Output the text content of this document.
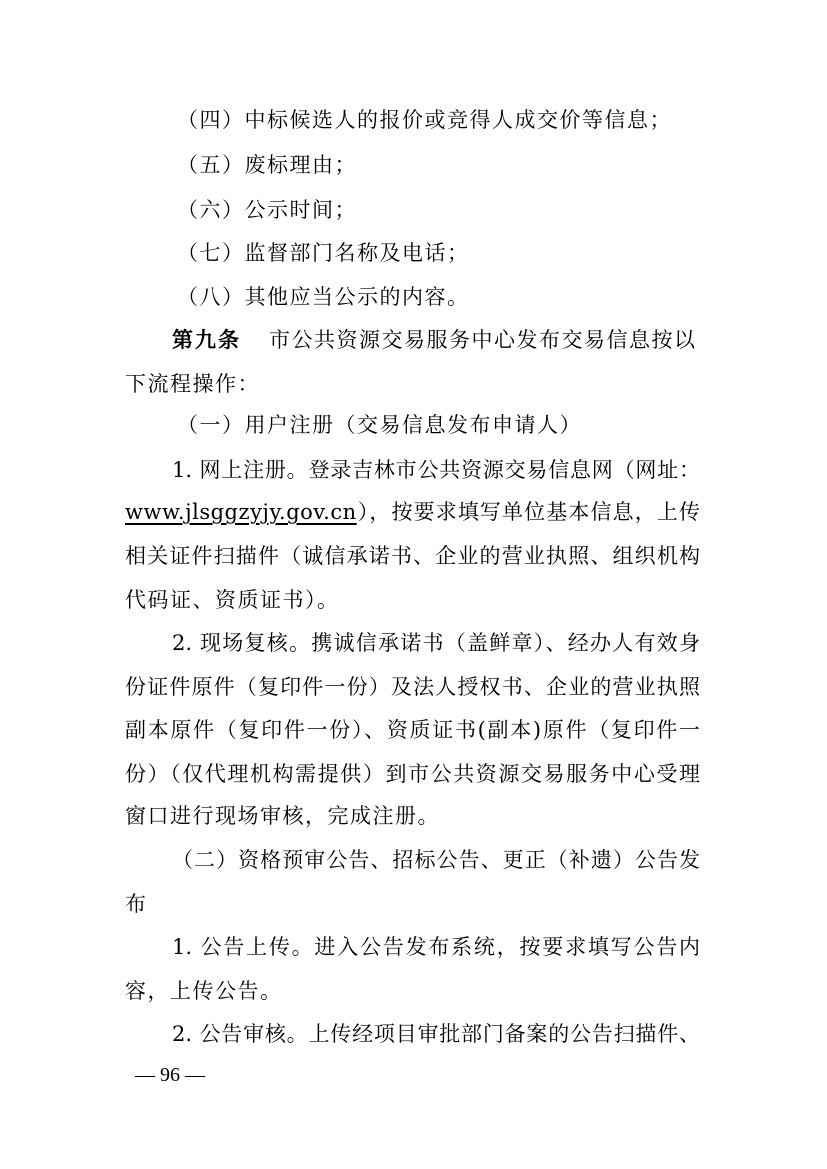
（四）中标候选人的报价或竞得人成交价等信息；
（五）废标理由；
（六）公示时间；
（七）监督部门名称及电话；
（八）其他应当公示的内容。
第九条 市公共资源交易服务中心发布交易信息按以
下流程操作：
（一）用户注册（交易信息发布申请人）
1. 网上注册。登录吉林市公共资源交易信息网（网址：
www.jlsggzyjy.gov.cn），按要求填写单位基本信息，上传
相关证件扫描件（诚信承诺书、企业的营业执照、组织机构
代码证、资质证书）。
2. 现场复核。携诚信承诺书（盖鲜章）、经办人有效身
份证件原件（复印件一份）及法人授权书、企业的营业执照
副本原件（复印件一份）、资质证书(副本)原件（复印件一
份）（仅代理机构需提供）到市公共资源交易服务中心受理
窗口进行现场审核，完成注册。
（二）资格预审公告、招标公告、更正（补遗）公告发
布
1. 公告上传。进入公告发布系统，按要求填写公告内
容，上传公告。
2. 公告审核。上传经项目审批部门备案的公告扫描件、
— 96 —
